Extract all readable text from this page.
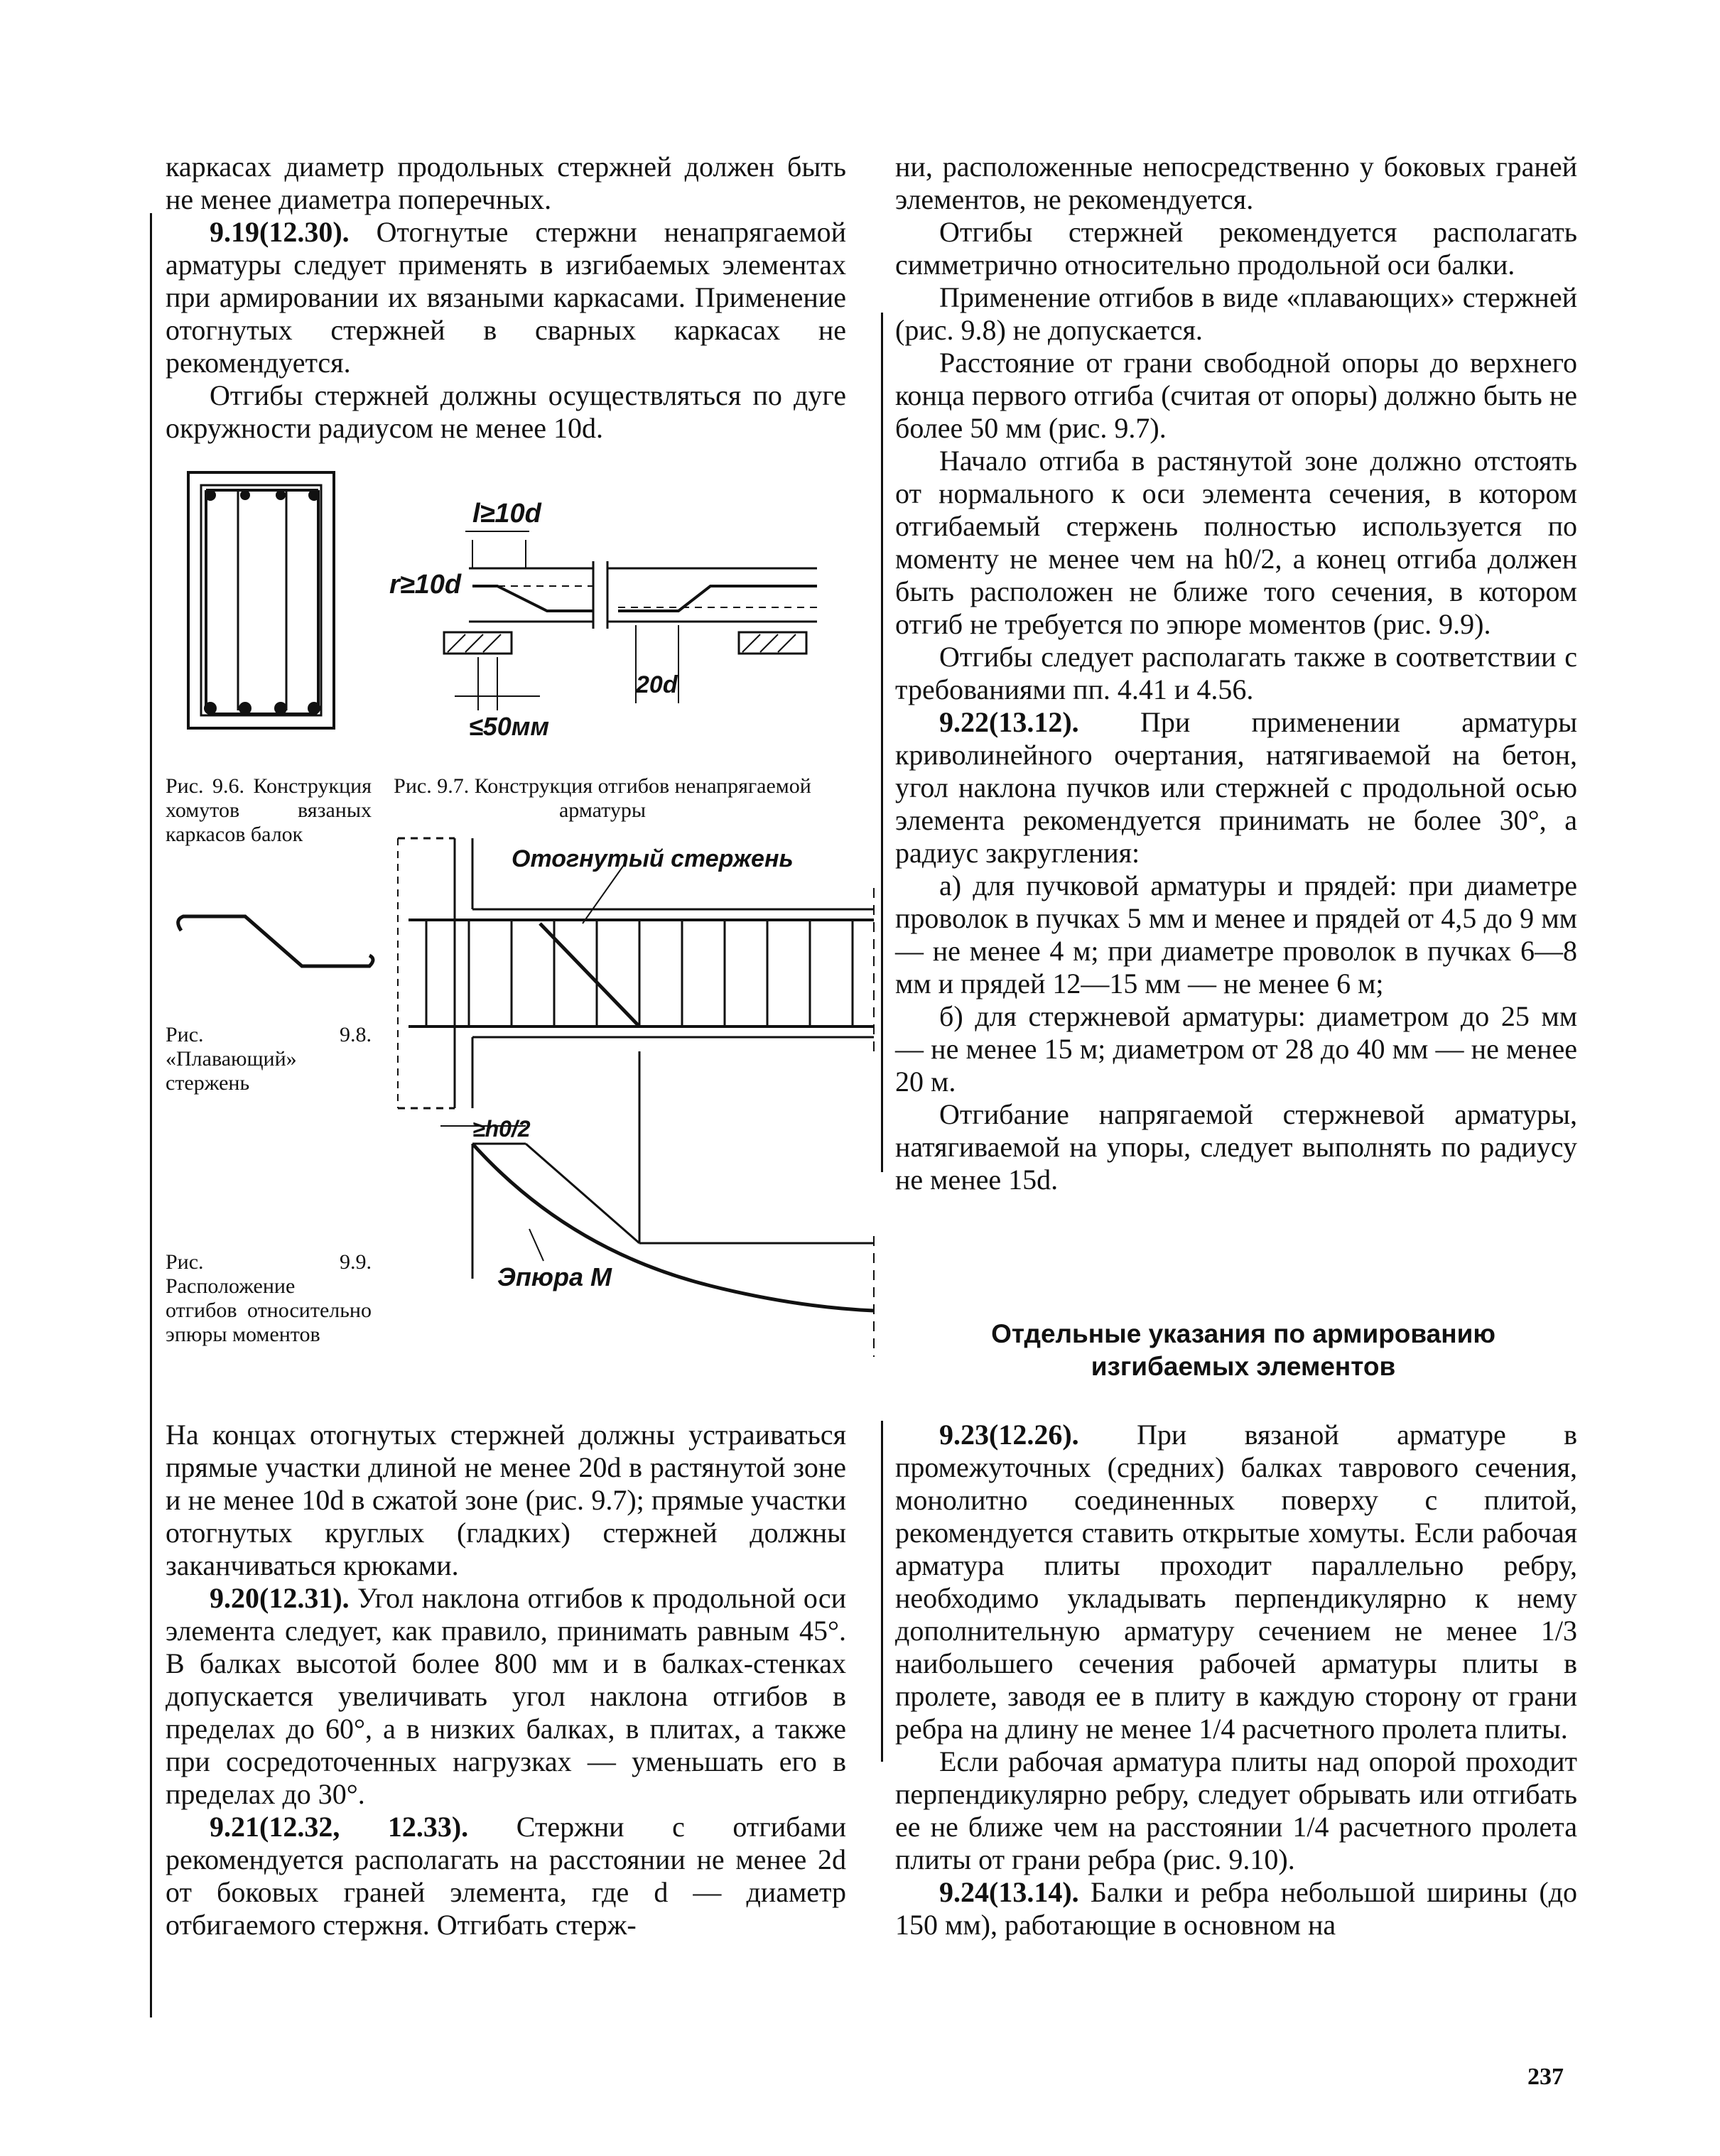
каркасах диаметр продольных стержней должен быть не менее диаметра поперечных.

9.19(12.30). Отогнутые стержни ненапрягаемой арматуры следует применять в изгибаемых элементах при армировании их вязаными каркасами. Применение отогнутых стержней в сварных каркасах не рекомендуется.

Отгибы стержней должны осуществляться по дуге окружности радиусом не менее 10d.

ни, расположенные непосредственно у боковых граней элементов, не рекомендуется.

Отгибы стержней рекомендуется располагать симметрично относительно продольной оси балки.

Применение отгибов в виде «плавающих» стержней (рис. 9.8) не допускается.

Расстояние от грани свободной опоры до верхнего конца первого отгиба (считая от опоры) должно быть не более 50 мм (рис. 9.7).

Начало отгиба в растянутой зоне должно отстоять от нормального к оси элемента сечения, в котором отгибаемый стержень полностью используется по моменту не менее чем на h0/2, а конец отгиба должен быть расположен не ближе того сечения, в котором отгиб не требуется по эпюре моментов (рис. 9.9).

Отгибы следует располагать также в соответствии с требованиями пп. 4.41 и 4.56.

9.22(13.12). При применении арматуры криволинейного очертания, натягиваемой на бетон, угол наклона пучков или стержней с продольной осью элемента рекомендуется принимать не более 30°, а радиус закругления:

а) для пучковой арматуры и прядей: при диаметре проволок в пучках 5 мм и менее и прядей от 4,5 до 9 мм — не менее 4 м; при диаметре проволок в пучках 6—8 мм и прядей 12—15 мм — не менее 6 м;

б) для стержневой арматуры: диаметром до 25 мм — не менее 15 м; диаметром от 28 до 40 мм — не менее 20 м.

Отгибание напрягаемой стержневой арматуры, натягиваемой на упоры, следует выполнять по радиусу не менее 15d.

Отдельные указания по армированию изгибаемых элементов

На концах отогнутых стержней должны устраиваться прямые участки длиной не менее 20d в растянутой зоне и не менее 10d в сжатой зоне (рис. 9.7); прямые участки отогнутых круглых (гладких) стержней должны заканчиваться крюками.

9.20(12.31). Угол наклона отгибов к продольной оси элемента следует, как правило, принимать равным 45°. В балках высотой более 800 мм и в балках-стенках допускается увеличивать угол наклона отгибов в пределах до 60°, а в низких балках, в плитах, а также при сосредоточенных нагрузках — уменьшать его в пределах до 30°.

9.21(12.32, 12.33). Стержни с отгибами рекомендуется располагать на расстоянии не менее 2d от боковых граней элемента, где d — диаметр отбигаемого стержня. Отгибать стерж-

9.23(12.26). При вязаной арматуре в промежуточных (средних) балках таврового сечения, монолитно соединенных поверху с плитой, рекомендуется ставить открытые хомуты. Если рабочая арматура плиты проходит параллельно ребру, необходимо укладывать перпендикулярно к нему дополнительную арматуру сечением не менее 1/3 наибольшего сечения рабочей арматуры плиты в пролете, заводя ее в плиту в каждую сторону от грани ребра на длину не менее 1/4 расчетного пролета плиты.

Если рабочая арматура плиты над опорой проходит перпендикулярно ребру, следует обрывать или отгибать ее не ближе чем на расстоянии 1/4 расчетного пролета плиты от грани ребра (рис. 9.10).

9.24(13.14). Балки и ребра небольшой ширины (до 150 мм), работающие в основном на

Рис. 9.6. Конструкция хомутов вязаных каркасов балок
Рис. 9.7. Конструкция отгибов ненапрягаемой арматуры
Рис. 9.8. «Плавающий» стержень
Рис. 9.9. Расположение отгибов относительно эпюры моментов
l≥10d
r≥10d
20d
≤50мм
Отогнутый стержень
≥h0/2
Эпюра M
237
